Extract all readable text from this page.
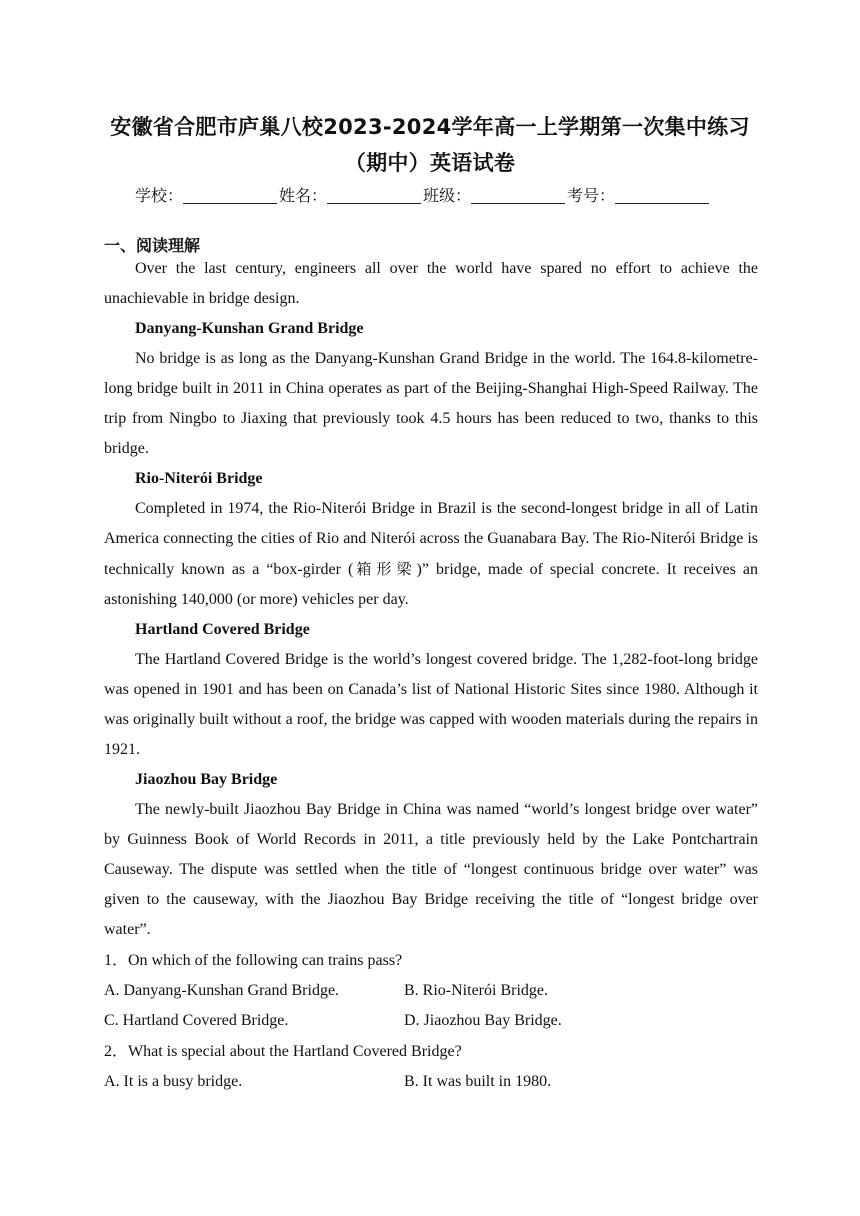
安徽省合肥市庐巢八校2023-2024学年高一上学期第一次集中练习
（期中）英语试卷
学校：	姓名：	班级：	考号：
一、阅读理解

Over the last century, engineers all over the world have spared no effort to achieve the unachievable in bridge design.

Danyang-Kunshan Grand Bridge

No bridge is as long as the Danyang-Kunshan Grand Bridge in the world. The 164.8-kilometre-long bridge built in 2011 in China operates as part of the Beijing-Shanghai High-Speed Railway. The trip from Ningbo to Jiaxing that previously took 4.5 hours has been reduced to two, thanks to this bridge.

Rio-Niterói Bridge

Completed in 1974, the Rio-Niterói Bridge in Brazil is the second-longest bridge in all of Latin America connecting the cities of Rio and Niterói across the Guanabara Bay. The Rio-Niterói Bridge is technically known as a “box-girder (箱形梁)” bridge, made of special concrete. It receives an astonishing 140,000 (or more) vehicles per day.

Hartland Covered Bridge

The Hartland Covered Bridge is the world’s longest covered bridge. The 1,282-foot-long bridge was opened in 1901 and has been on Canada’s list of National Historic Sites since 1980. Although it was originally built without a roof, the bridge was capped with wooden materials during the repairs in 1921.

Jiaozhou Bay Bridge

The newly-built Jiaozhou Bay Bridge in China was named “world’s longest bridge over water” by Guinness Book of World Records in 2011, a title previously held by the Lake Pontchartrain Causeway. The dispute was settled when the title of “longest continuous bridge over water” was given to the causeway, with the Jiaozhou Bay Bridge receiving the title of “longest bridge over water”.

1．On which of the following can trains pass?

A. Danyang-Kunshan Grand Bridge.	B. Rio-Niterói Bridge.
C. Hartland Covered Bridge.	D. Jiaozhou Bay Bridge.

2．What is special about the Hartland Covered Bridge?

A. It is a busy bridge.	B. It was built in 1980.
